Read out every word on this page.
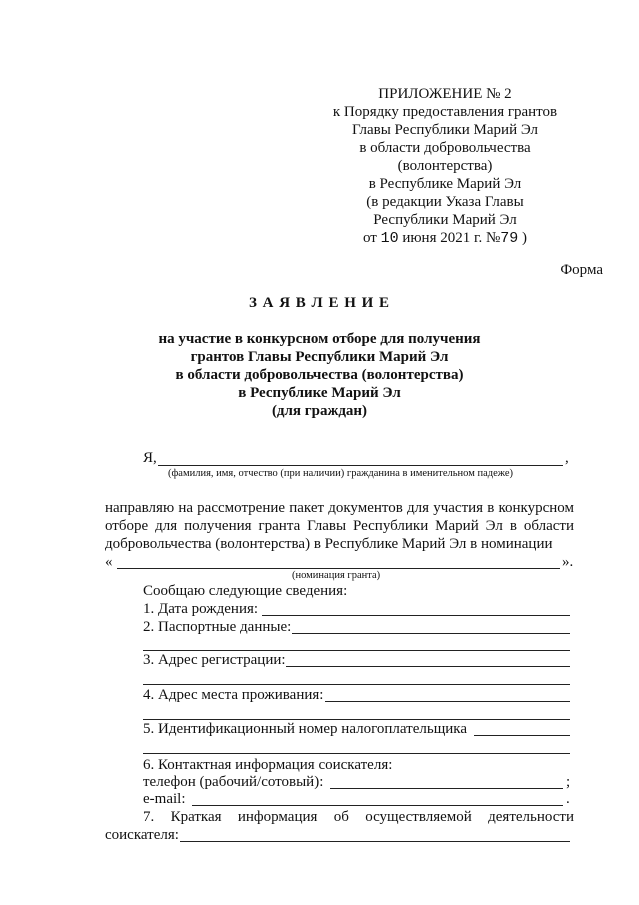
ПРИЛОЖЕНИЕ № 2
к Порядку предоставления грантов
Главы Республики Марий Эл
в области добровольчества
(волонтерства)
в Республике Марий Эл
(в редакции Указа Главы
Республики Марий Эл
от 10 июня 2021 г. №79 )
Форма
З А Я В Л Е Н И Е
на участие в конкурсном отборе для получения
грантов Главы Республики Марий Эл
в области добровольчества (волонтерства)
в Республике Марий Эл
(для граждан)
Я,	,
(фамилия, имя, отчество (при наличии) гражданина в именительном падеже)
направляю на рассмотрение пакет документов для участия в конкурсном
отборе для получения гранта Главы Республики Марий Эл в области
добровольчества (волонтерства) в Республике Марий Эл в номинации
«	».
(номинация гранта)
Сообщаю следующие сведения:
1. Дата рождения:
2. Паспортные данные:
3. Адрес регистрации:
4. Адрес места проживания:
5. Идентификационный номер налогоплательщика
6. Контактная информация соискателя:
телефон (рабочий/сотовый):	;
e-mail:	.
7. Краткая информация об осуществляемой деятельности
соискателя:
